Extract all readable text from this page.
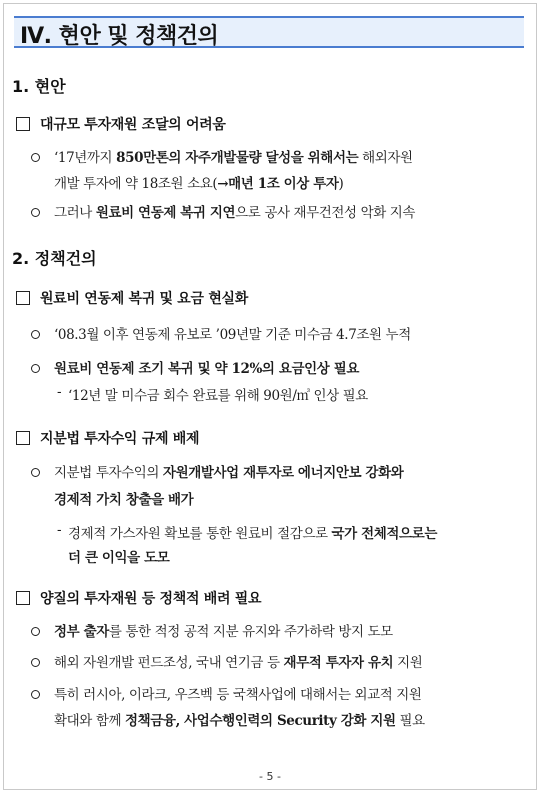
Ⅳ. 현안 및 정책건의
1. 현안
대규모 투자재원 조달의 어려움
‘17년까지 850만톤의 자주개발물량 달성을 위해서는 해외자원
개발 투자에 약 18조원 소요(→매년 1조 이상 투자)
그러나 원료비 연동제 복귀 지연으로 공사 재무건전성 악화 지속
2. 정책건의
원료비 연동제 복귀 및 요금 현실화
‘08.3월 이후 연동제 유보로 ’09년말 기준 미수금 4.7조원 누적
원료비 연동제 조기 복귀 및 약 12%의 요금인상 필요
- ‘12년 말 미수금 회수 완료를 위해 90원/㎥ 인상 필요
지분법 투자수익 규제 배제
지분법 투자수익의 자원개발사업 재투자로 에너지안보 강화와
경제적 가치 창출을 배가
- 경제적 가스자원 확보를 통한 원료비 절감으로 국가 전체적으로는
더 큰 이익을 도모
양질의 투자재원 등 정책적 배려 필요
정부 출자를 통한 적정 공적 지분 유지와 주가하락 방지 도모
해외 자원개발 펀드조성, 국내 연기금 등 재무적 투자자 유치 지원
특히 러시아, 이라크, 우즈벡 등 국책사업에 대해서는 외교적 지원
확대와 함께 정책금융, 사업수행인력의 Security 강화 지원 필요
- 5 -
